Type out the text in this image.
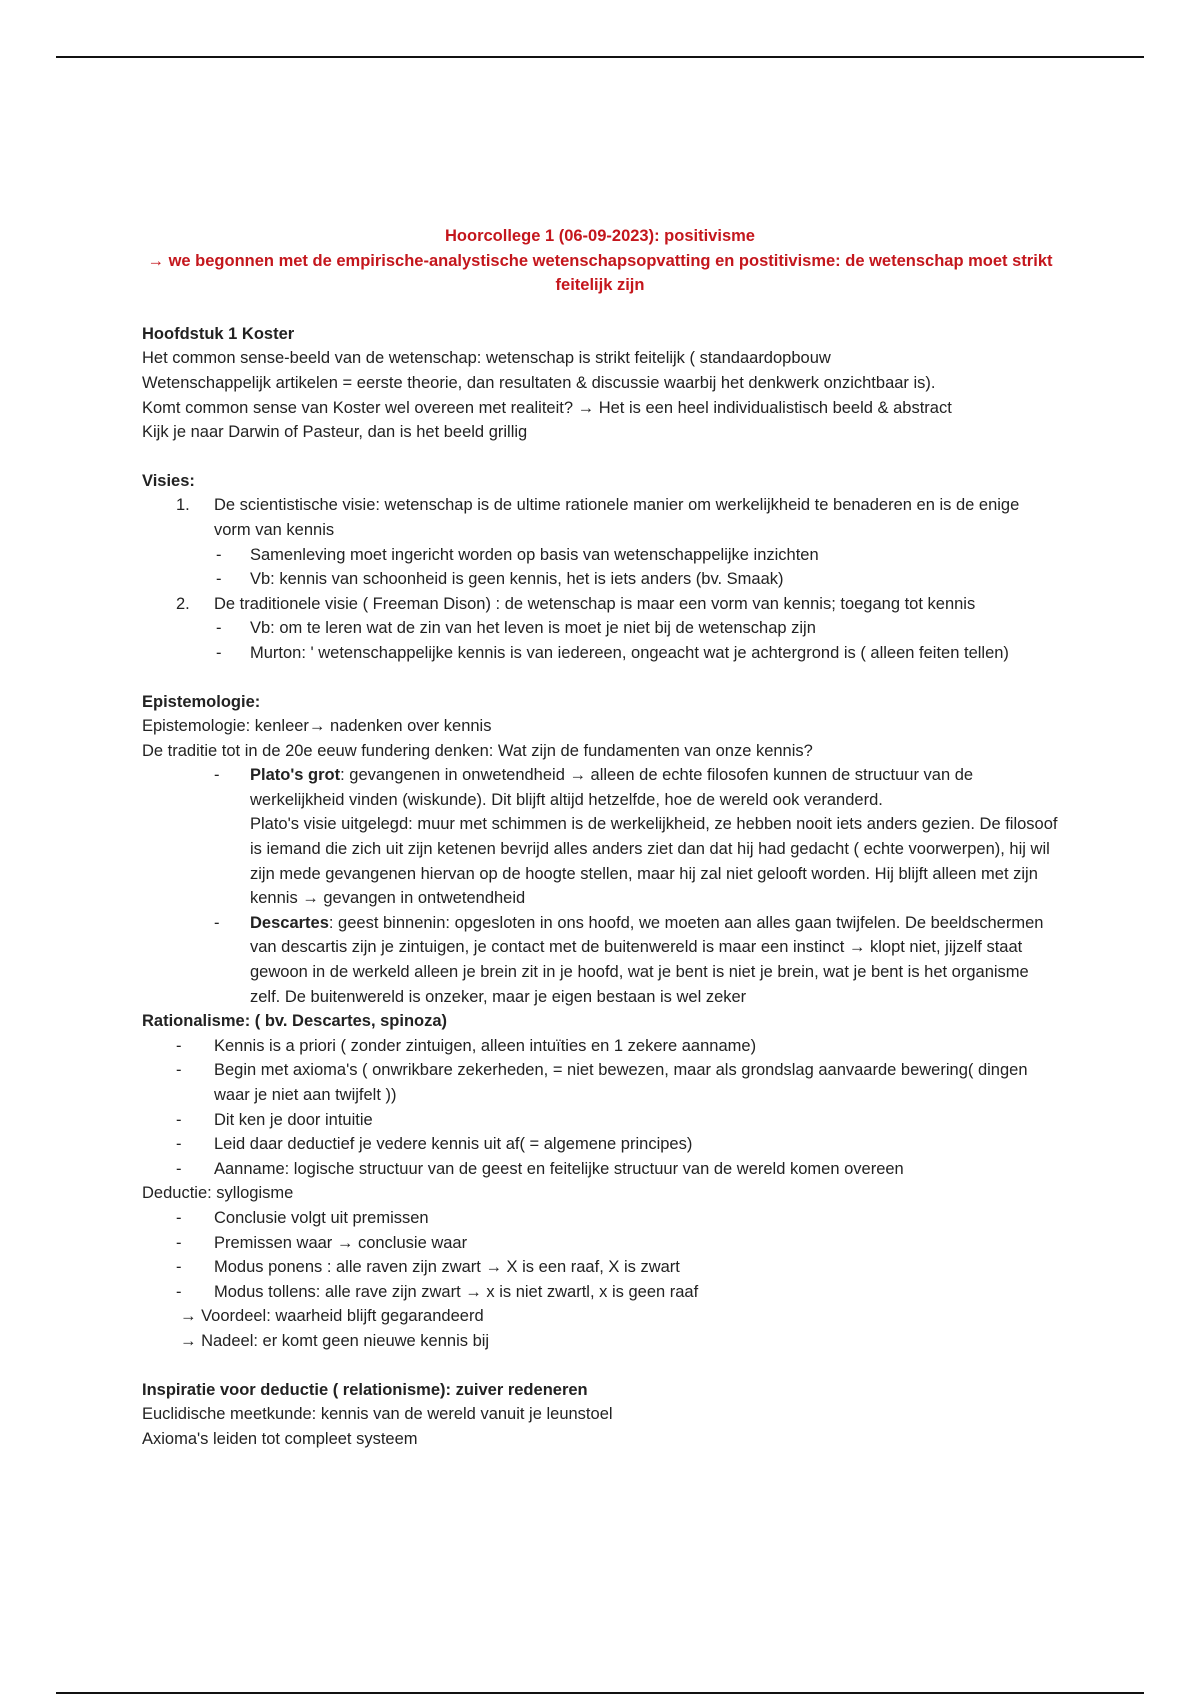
Hoorcollege 1 (06-09-2023): positivisme
→ we begonnen met de empirische-analystische wetenschapsopvatting en postitivisme: de wetenschap moet strikt feitelijk zijn
Hoofdstuk 1 Koster
Het common sense-beeld van de wetenschap: wetenschap is strikt feitelijk ( standaardopbouw
Wetenschappelijk artikelen = eerste theorie, dan resultaten & discussie waarbij het denkwerk onzichtbaar is).
Komt common sense van Koster wel overeen met realiteit? → Het is een heel individualistisch beeld & abstract
Kijk je naar Darwin of Pasteur, dan is het beeld grillig
Visies:
1. De scientistische visie: wetenschap is de ultime rationele manier om werkelijkheid te benaderen en is de enige vorm van kennis
- Samenleving moet ingericht worden op basis van wetenschappelijke inzichten
- Vb: kennis van schoonheid is geen kennis, het is iets anders (bv. Smaak)
2. De traditionele visie ( Freeman Dison) : de wetenschap is maar een vorm van kennis; toegang tot kennis
- Vb: om te leren wat de zin van het leven is moet je niet bij de wetenschap zijn
- Murton: ' wetenschappelijke kennis is van iedereen, ongeacht wat je achtergrond is ( alleen feiten tellen)
Epistemologie:
Epistemologie: kenleer→ nadenken over kennis
De traditie tot in de 20e eeuw fundering denken: Wat zijn de fundamenten van onze kennis?
- Plato's grot: gevangenen in onwetendheid → alleen de echte filosofen kunnen de structuur van de werkelijkheid vinden (wiskunde). Dit blijft altijd hetzelfde, hoe de wereld ook veranderd.
Plato's visie uitgelegd: muur met schimmen is de werkelijkheid, ze hebben nooit iets anders gezien. De filosoof is iemand die zich uit zijn ketenen bevrijd alles anders ziet dan dat hij had gedacht ( echte voorwerpen), hij wil zijn mede gevangenen hiervan op de hoogte stellen, maar hij zal niet gelooft worden. Hij blijft alleen met zijn kennis → gevangen in ontwetendheid
- Descartes: geest binnenin: opgesloten in ons hoofd, we moeten aan alles gaan twijfelen. De beeldschermen van descartis zijn je zintuigen, je contact met de buitenwereld is maar een instinct → klopt niet, jijzelf staat gewoon in de werkeld alleen je brein zit in je hoofd, wat je bent is niet je brein, wat je bent is het organisme zelf. De buitenwereld is onzeker, maar je eigen bestaan is wel zeker
Rationalisme: ( bv. Descartes, spinoza)
- Kennis is a priori ( zonder zintuigen, alleen intuïties en 1 zekere aanname)
- Begin met axioma's ( onwrikbare zekerheden, = niet bewezen, maar als grondslag aanvaarde bewering( dingen waar je niet aan twijfelt ))
- Dit ken je door intuitie
- Leid daar deductief je vedere kennis uit af( = algemene principes)
- Aanname: logische structuur van de geest en feitelijke structuur van de wereld komen overeen
Deductie: syllogisme
- Conclusie volgt uit premissen
- Premissen waar → conclusie waar
- Modus ponens : alle raven zijn zwart → X is een raaf, X is zwart
- Modus tollens: alle rave zijn zwart → x is niet zwartl, x is geen raaf
→ Voordeel: waarheid blijft gegarandeerd
→ Nadeel: er komt geen nieuwe kennis bij
Inspiratie voor deductie ( relationisme): zuiver redeneren
Euclidische meetkunde: kennis van de wereld vanuit je leunstoel
Axioma's leiden tot compleet systeem
